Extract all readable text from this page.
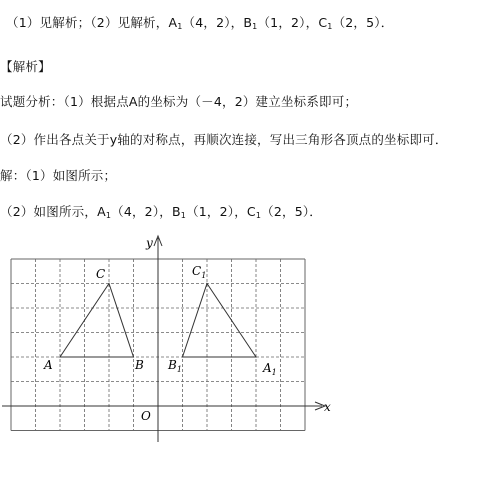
（1）见解析；（2）见解析，$A_1(4$，2），$B_1(1$，2），$C_1(2$，5）．
【解析】
试题分析：（1）根据点A的坐标为（－4，2）建立坐标系即可；
（2）作出各点关于y轴的对称点，再顺次连接，写出三角形各顶点的坐标即可．
解：（1）如图所示；
（2）如图所示，$A_1(4$，2），$B_1(1$，2），$C_1(2$，5）．
x
y
O
A	B
C
A1
B1
C1
